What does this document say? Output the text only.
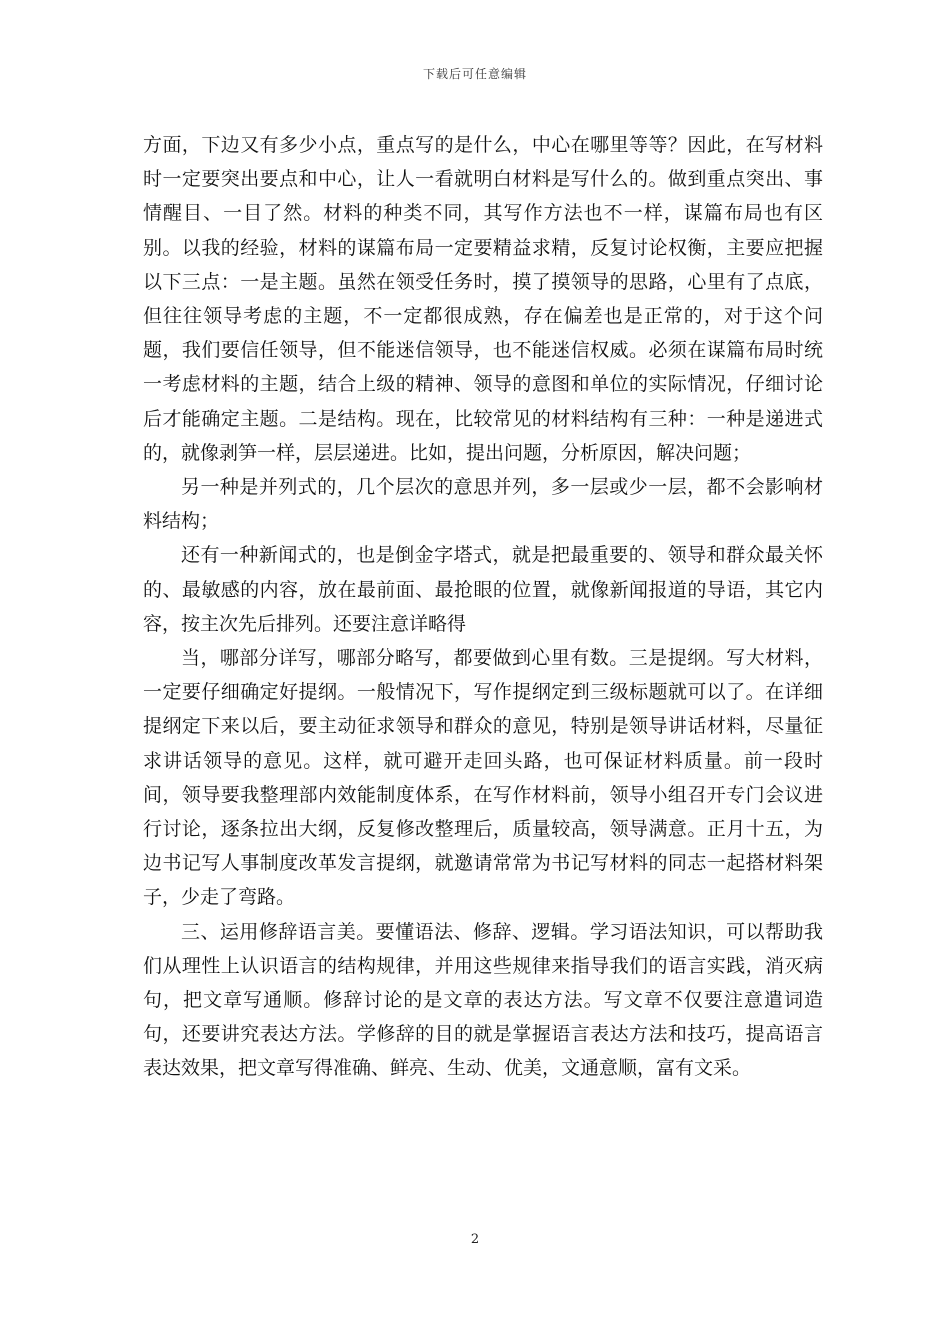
下载后可任意编辑

方面，下边又有多少小点，重点写的是什么，中心在哪里等等？因此，在写材料时一定要突出要点和中心，让人一看就明白材料是写什么的。做到重点突出、事情醒目、一目了然。材料的种类不同，其写作方法也不一样，谋篇布局也有区别。以我的经验，材料的谋篇布局一定要精益求精，反复讨论权衡，主要应把握以下三点：一是主题。虽然在领受任务时，摸了摸领导的思路，心里有了点底，但往往领导考虑的主题，不一定都很成熟，存在偏差也是正常的，对于这个问题，我们要信任领导，但不能迷信领导，也不能迷信权威。必须在谋篇布局时统一考虑材料的主题，结合上级的精神、领导的意图和单位的实际情况，仔细讨论后才能确定主题。二是结构。现在，比较常见的材料结构有三种：一种是递进式的，就像剥笋一样，层层递进。比如，提出问题，分析原因，解决问题；

另一种是并列式的，几个层次的意思并列，多一层或少一层，都不会影响材料结构；

还有一种新闻式的，也是倒金字塔式，就是把最重要的、领导和群众最关怀的、最敏感的内容，放在最前面、最抢眼的位置，就像新闻报道的导语，其它内容，按主次先后排列。还要注意详略得

当，哪部分详写，哪部分略写，都要做到心里有数。三是提纲。写大材料，一定要仔细确定好提纲。一般情况下，写作提纲定到三级标题就可以了。在详细提纲定下来以后，要主动征求领导和群众的意见，特别是领导讲话材料，尽量征求讲话领导的意见。这样，就可避开走回头路，也可保证材料质量。前一段时间，领导要我整理部内效能制度体系，在写作材料前，领导小组召开专门会议进行讨论，逐条拉出大纲，反复修改整理后，质量较高，领导满意。正月十五，为边书记写人事制度改革发言提纲，就邀请常常为书记写材料的同志一起搭材料架子，少走了弯路。

三、运用修辞语言美。要懂语法、修辞、逻辑。学习语法知识，可以帮助我们从理性上认识语言的结构规律，并用这些规律来指导我们的语言实践，消灭病句，把文章写通顺。修辞讨论的是文章的表达方法。写文章不仅要注意遣词造句，还要讲究表达方法。学修辞的目的就是掌握语言表达方法和技巧，提高语言表达效果，把文章写得准确、鲜亮、生动、优美，文通意顺，富有文采。

2
